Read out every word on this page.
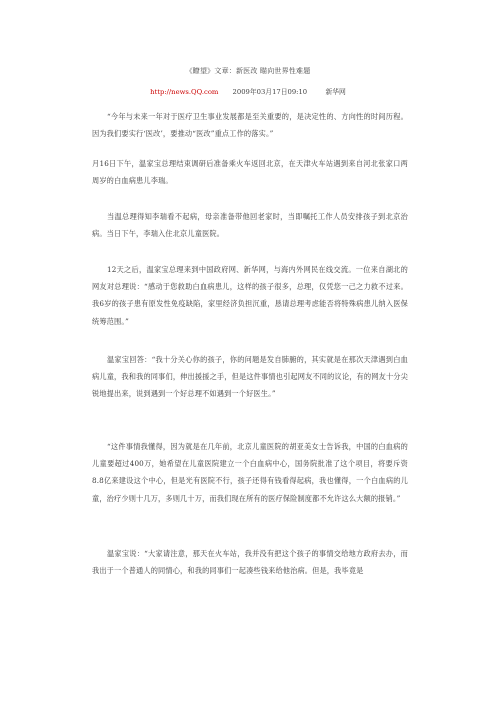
《瞭望》文章：新医改 瞄向世界性难题
http://news.QQ.com 2009年03月17日09:10	新华网
“今年与未来一年对于医疗卫生事业发展都是至关重要的，是决定性的、方向性的时间历程。因为我们要实行‘医改’，要推动“医改”重点工作的落实。”
月16日下午，温家宝总理结束调研后准备乘火车返回北京，在天津火车站遇到来自河北张家口两周岁的白血病患儿李瑞。
当温总理得知李瑞看不起病，母亲准备带他回老家时，当即嘱托工作人员安排孩子到北京治病。当日下午，李瑞入住北京儿童医院。
12天之后，温家宝总理来到中国政府网、新华网，与海内外网民在线交流。一位来自湖北的网友对总理说：“感动于您救助白血病患儿，这样的孩子很多，总理，仅凭您一己之力救不过来。我6岁的孩子患有原发性免疫缺陷，家里经济负担沉重，恳请总理考虑能否将特殊病患儿纳入医保统筹范围。”
温家宝回答：“我十分关心你的孩子，你的问题是发自肺腑的，其实就是在那次天津遇到白血病儿童，我和我的同事们，伸出援援之手，但是这件事情也引起网友不同的议论，有的网友十分尖锐地提出来，说到遇到一个好总理不如遇到一个好医生。”
“这件事情我懂得，因为就是在几年前，北京儿童医院的胡亚美女士告诉我，中国的白血病的儿童要超过400万，她希望在儿童医院建立一个白血病中心，国务院批准了这个项目，将要斥资8.8亿来建设这个中心，但是光有医院不行，孩子还得有钱看得起病，我也懂得，一个白血病的儿童，治疗少则十几万，多则几十万，而我们现在所有的医疗保险制度都不允许这么大额的报销。”
温家宝说：“大家请注意，那天在火车站，我并没有把这个孩子的事情交给地方政府去办，而我出于一个普通人的同情心，和我的同事们一起凑些钱来给他治病。但是，我毕竟是
